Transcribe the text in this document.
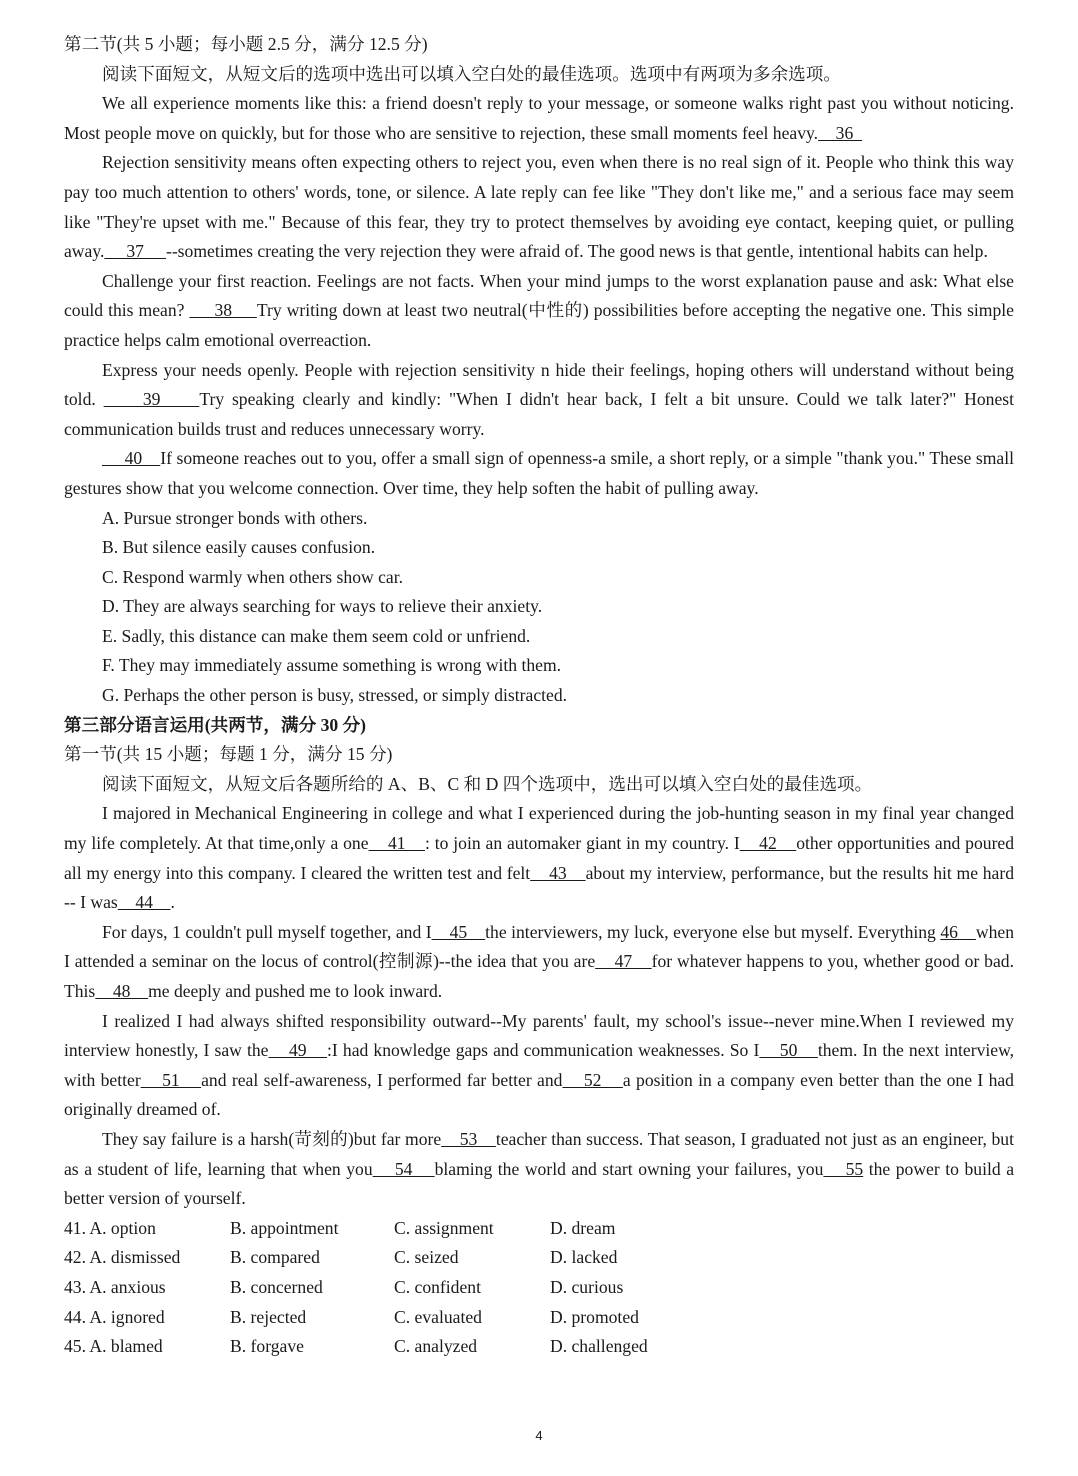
第二节(共 5 小题；每小题 2.5 分，满分 12.5 分)
阅读下面短文，从短文后的选项中选出可以填入空白处的最佳选项。选项中有两项为多余选项。
We all experience moments like this: a friend doesn't reply to your message, or someone walks right past you without noticing. Most people move on quickly, but for those who are sensitive to rejection, these small moments feel heavy.    36
Rejection sensitivity means often expecting others to reject you, even when there is no real sign of it. People who think this way pay too much attention to others' words, tone, or silence. A late reply can fee like "They don't like me," and a serious face may seem like "They're upset with me." Because of this fear, they try to protect themselves by avoiding eye contact, keeping quiet, or pulling away.     37     --sometimes creating the very rejection they were afraid of. The good news is that gentle, intentional habits can help.
Challenge your first reaction. Feelings are not facts. When your mind jumps to the worst explanation pause and ask: What else could this mean?      38     Try writing down at least two neutral(中性的) possibilities before accepting the negative one. This simple practice helps calm emotional overreaction.
Express your needs openly. People with rejection sensitivity n hide their feelings, hoping others will understand without being told.      39     Try speaking clearly and kindly: "When I didn't hear back, I felt a bit unsure. Could we talk later?" Honest communication builds trust and reduces unnecessary worry.
40    If someone reaches out to you, offer a small sign of openness-a smile, a short reply, or a simple "thank you." These small gestures show that you welcome connection. Over time, they help soften the habit of pulling away.
A. Pursue stronger bonds with others.
B. But silence easily causes confusion.
C. Respond warmly when others show car.
D. They are always searching for ways to relieve their anxiety.
E. Sadly, this distance can make them seem cold or unfriend.
F. They may immediately assume something is wrong with them.
G. Perhaps the other person is busy, stressed, or simply distracted.
第三部分语言运用(共两节，满分 30 分)
第一节(共 15 小题；每题 1 分，满分 15 分)
阅读下面短文，从短文后各题所给的 A、B、C 和 D 四个选项中，选出可以填入空白处的最佳选项。
I majored in Mechanical Engineering in college and what I experienced during the job-hunting season in my final year changed my life completely. At that time,only a one    41    : to join an automaker giant in my country. I    42    other opportunities and poured all my energy into this company. I cleared the written test and felt    43    about my interview, performance, but the results hit me hard -- I was    44    .
For days, 1 couldn't pull myself together, and I    45    the interviewers, my luck, everyone else but myself. Everything 46    when I attended a seminar on the locus of control(控制源)--the idea that you are    47    for whatever happens to you, whether good or bad. This    48    me deeply and pushed me to look inward.
I realized I had always shifted responsibility outward--My parents' fault, my school's issue--never mine.When I reviewed my interview honestly, I saw the    49    :I had knowledge gaps and communication weaknesses. So I    50    them. In the next interview, with better    51    and real self-awareness, I performed far better and    52    a position in a company even better than the one I had originally dreamed of.
They say failure is a harsh(苛刻的)but far more    53    teacher than success. That season, I graduated not just as an engineer, but as a student of life, learning that when you    54    blaming the world and start owning your failures, you    55 the power to build a better version of yourself.
41. A. option	B. appointment	C. assignment	D. dream
42. A. dismissed	B. compared	C. seized	D. lacked
43. A. anxious	B. concerned	C. confident	D. curious
44. A. ignored	B. rejected	C. evaluated	D. promoted
45. A. blamed	B. forgave	C. analyzed	D. challenged
4
